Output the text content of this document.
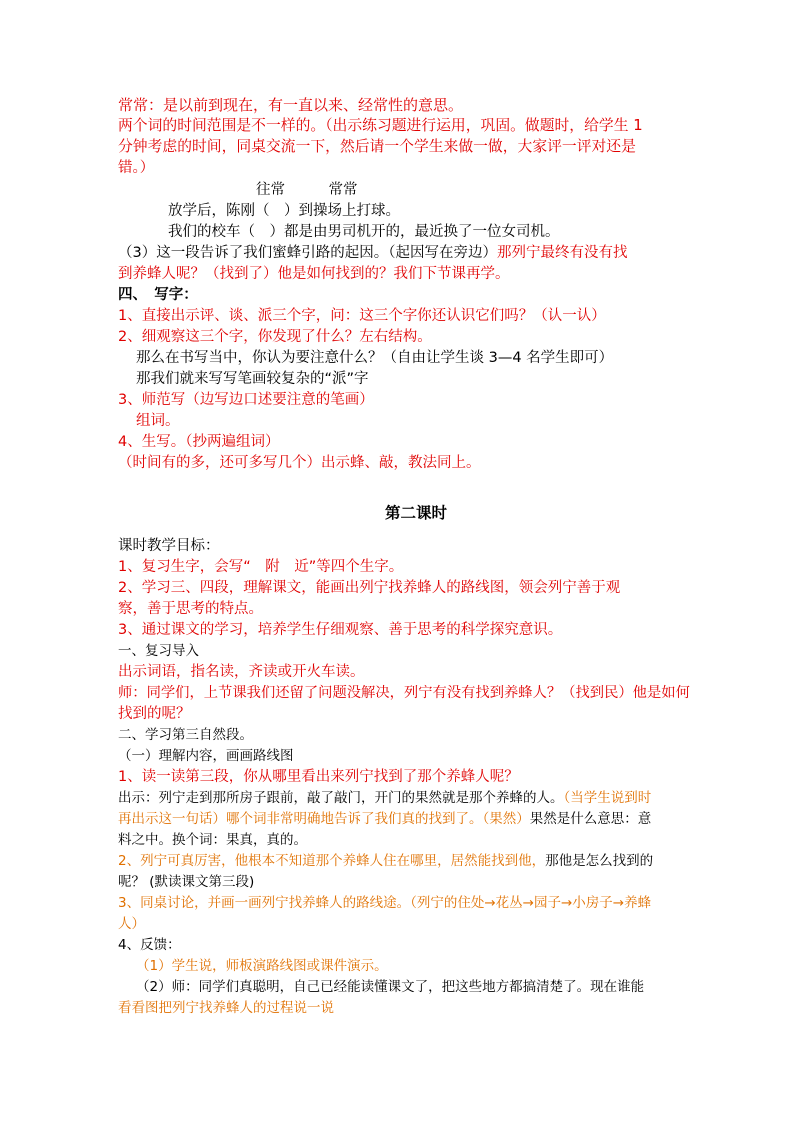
常常：是以前到现在，有一直以来、经常性的意思。
两个词的时间范围是不一样的。（出示练习题进行运用，巩固。做题时，给学生 1
分钟考虑的时间，同桌交流一下，然后请一个学生来做一做，大家评一评对还是
错。）
往常　　　常常
放学后，陈刚（　）到操场上打球。
我们的校车（　）都是由男司机开的，最近换了一位女司机。
（3）这一段告诉了我们蜜蜂引路的起因。（起因写在旁边）那列宁最终有没有找
到养蜂人呢？（找到了）他是如何找到的？我们下节课再学。
四、　写字：
1、直接出示评、谈、派三个字，问：这三个字你还认识它们吗？（认一认）
2、细观察这三个字，你发现了什么？左右结构。
那么在书写当中，你认为要注意什么？（自由让学生谈 3—4 名学生即可）
那我们就来写写笔画较复杂的“派”字
3、师范写（边写边口述要注意的笔画）
组词。
4、生写。（抄两遍组词）
（时间有的多，还可多写几个）出示蜂、敲，教法同上。
第二课时
课时教学目标：
1、复习生字，会写“　附　近”等四个生字。
2、学习三、四段，理解课文，能画出列宁找养蜂人的路线图，领会列宁善于观
察，善于思考的特点。
3、通过课文的学习，培养学生仔细观察、善于思考的科学探究意识。
一、复习导入
出示词语，指名读，齐读或开火车读。
师：同学们，上节课我们还留了问题没解决，列宁有没有找到养蜂人？（找到民）他是如何
找到的呢？
二、学习第三自然段。
（一）理解内容，画画路线图
1、读一读第三段，你从哪里看出来列宁找到了那个养蜂人呢？
出示：列宁走到那所房子跟前，敲了敲门，开门的果然就是那个养蜂的人。（当学生说到时
再出示这一句话）哪个词非常明确地告诉了我们真的找到了。（果然）果然是什么意思：意
料之中。换个词：果真，真的。
2、列宁可真厉害，他根本不知道那个养蜂人住在哪里，居然能找到他，那他是怎么找到的
呢？ (默读课文第三段)
3、同桌讨论，并画一画列宁找养蜂人的路线途。（列宁的住处→花丛→园子→小房子→养蜂
人）
4、反馈：
（1）学生说，师板演路线图或课件演示。
（2）师：同学们真聪明，自己已经能读懂课文了，把这些地方都搞清楚了。现在谁能
看看图把列宁找养蜂人的过程说一说
